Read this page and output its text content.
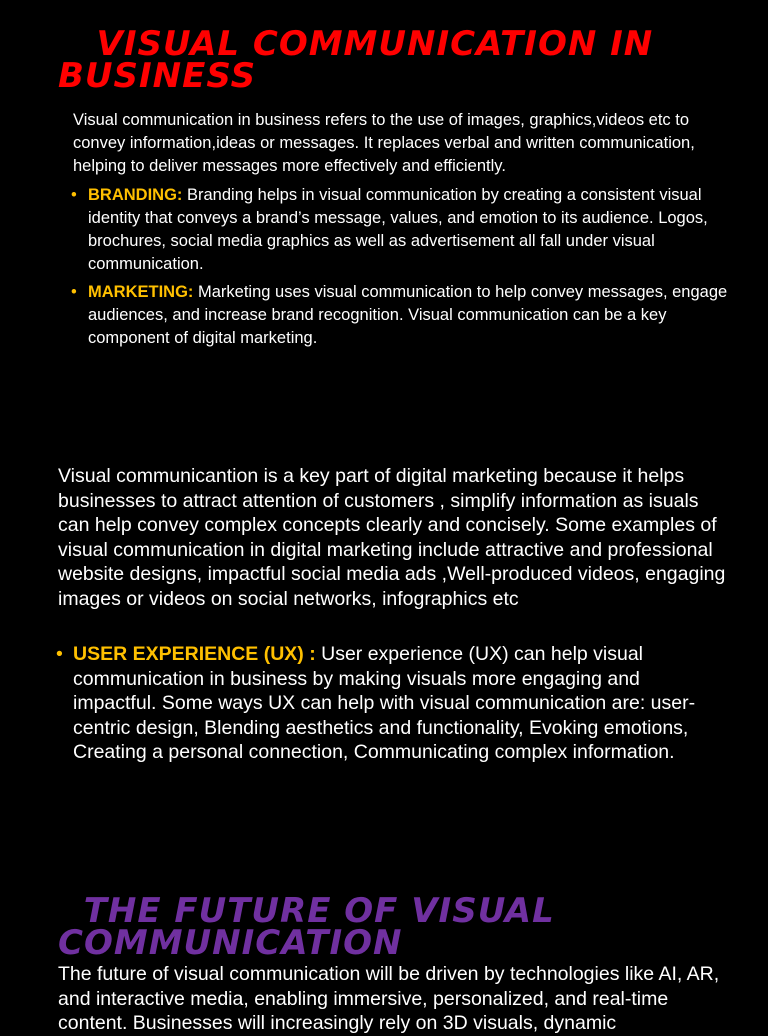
VISUAL COMMUNICATION IN BUSINESS

Visual communication in business refers to the use of images, graphics,videos etc to convey information,ideas or messages. It replaces verbal and written communication, helping to deliver messages more effectively and efficiently.

• BRANDING: Branding helps in visual communication by creating a consistent visual identity that conveys a brand’s message, values, and emotion to its audience. Logos, brochures, social media graphics as well as advertisement all fall under visual communication.
• MARKETING: Marketing uses visual communication to help convey messages, engage audiences, and increase brand recognition. Visual communication can be a key component of digital marketing.

Visual communicantion is a key part of digital marketing because it helps businesses to attract attention of customers , simplify information as isuals can help convey complex concepts clearly and concisely. Some examples of visual communication in digital marketing include attractive and professional website designs, impactful social media ads ,Well-produced videos, engaging images or videos on social networks, infographics etc

• USER EXPERIENCE (UX) : User experience (UX) can help visual communication in business by making visuals more engaging and impactful. Some ways UX can help with visual communication are: user-centric design, Blending aesthetics and functionality, Evoking emotions, Creating a personal connection, Communicating complex information.
THE FUTURE OF VISUAL COMMUNICATION

The future of visual communication will be driven by technologies like AI, AR, and interactive media, enabling immersive, personalized, and real-time content. Businesses will increasingly rely on 3D visuals, dynamic
